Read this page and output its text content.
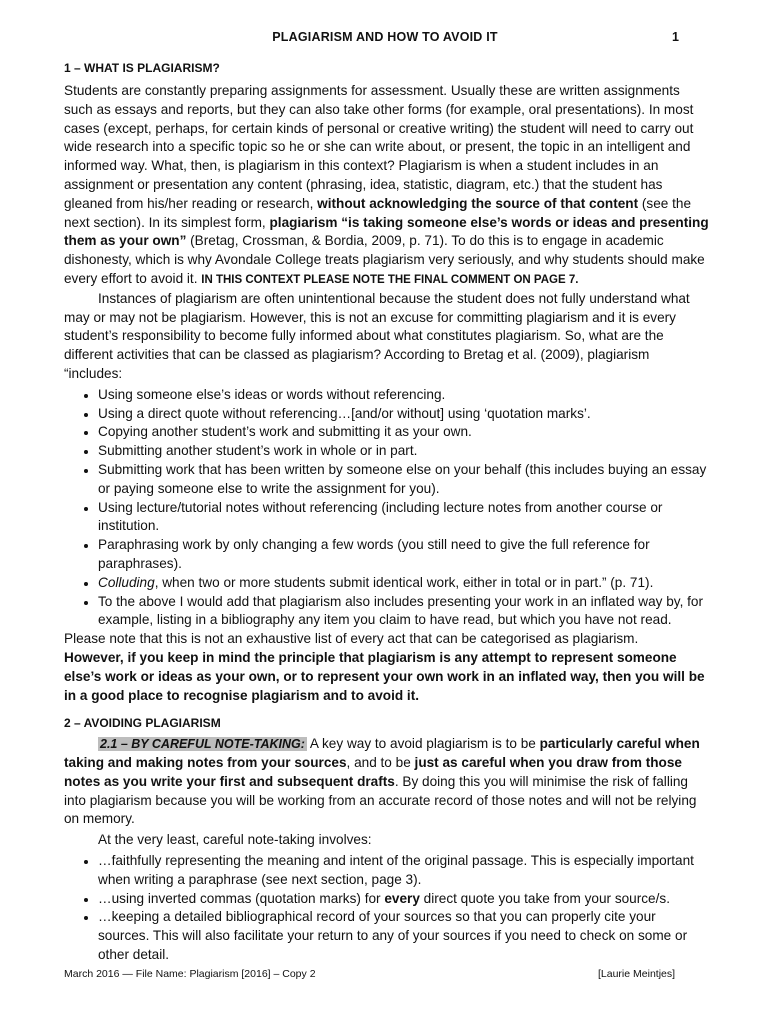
PLAGIARISM AND HOW TO AVOID IT	1
1 – WHAT IS PLAGIARISM?

Students are constantly preparing assignments for assessment. Usually these are written assignments such as essays and reports, but they can also take other forms (for example, oral presentations). In most cases (except, perhaps, for certain kinds of personal or creative writing) the student will need to carry out wide research into a specific topic so he or she can write about, or present, the topic in an intelligent and informed way. What, then, is plagiarism in this context? Plagiarism is when a student includes in an assignment or presentation any content (phrasing, idea, statistic, diagram, etc.) that the student has gleaned from his/her reading or research, without acknowledging the source of that content (see the next section). In its simplest form, plagiarism “is taking someone else’s words or ideas and presenting them as your own” (Bretag, Crossman, & Bordia, 2009, p. 71). To do this is to engage in academic dishonesty, which is why Avondale College treats plagiarism very seriously, and why students should make every effort to avoid it. IN THIS CONTEXT PLEASE NOTE THE FINAL COMMENT ON PAGE 7.

Instances of plagiarism are often unintentional because the student does not fully understand what may or may not be plagiarism. However, this is not an excuse for committing plagiarism and it is every student’s responsibility to become fully informed about what constitutes plagiarism. So, what are the different activities that can be classed as plagiarism? According to Bretag et al. (2009), plagiarism “includes:

• Using someone else’s ideas or words without referencing.
• Using a direct quote without referencing…[and/or without] using ‘quotation marks’.
• Copying another student’s work and submitting it as your own.
• Submitting another student’s work in whole or in part.
• Submitting work that has been written by someone else on your behalf (this includes buying an essay or paying someone else to write the assignment for you).
• Using lecture/tutorial notes without referencing (including lecture notes from another course or institution.
• Paraphrasing work by only changing a few words (you still need to give the full reference for paraphrases).
• Colluding, when two or more students submit identical work, either in total or in part.” (p. 71).
• To the above I would add that plagiarism also includes presenting your work in an inflated way by, for example, listing in a bibliography any item you claim to have read, but which you have not read.

Please note that this is not an exhaustive list of every act that can be categorised as plagiarism.

However, if you keep in mind the principle that plagiarism is any attempt to represent someone else’s work or ideas as your own, or to represent your own work in an inflated way, then you will be in a good place to recognise plagiarism and to avoid it.

2 – AVOIDING PLAGIARISM

2.1 – BY CAREFUL NOTE-TAKING: A key way to avoid plagiarism is to be particularly careful when taking and making notes from your sources, and to be just as careful when you draw from those notes as you write your first and subsequent drafts. By doing this you will minimise the risk of falling into plagiarism because you will be working from an accurate record of those notes and will not be relying on memory.

At the very least, careful note-taking involves:

• …faithfully representing the meaning and intent of the original passage. This is especially important when writing a paraphrase (see next section, page 3).
• …using inverted commas (quotation marks) for every direct quote you take from your source/s.
• …keeping a detailed bibliographical record of your sources so that you can properly cite your sources. This will also facilitate your return to any of your sources if you need to check on some or other detail.
March 2016 — File Name: Plagiarism [2016] – Copy 2	[Laurie Meintjes]
